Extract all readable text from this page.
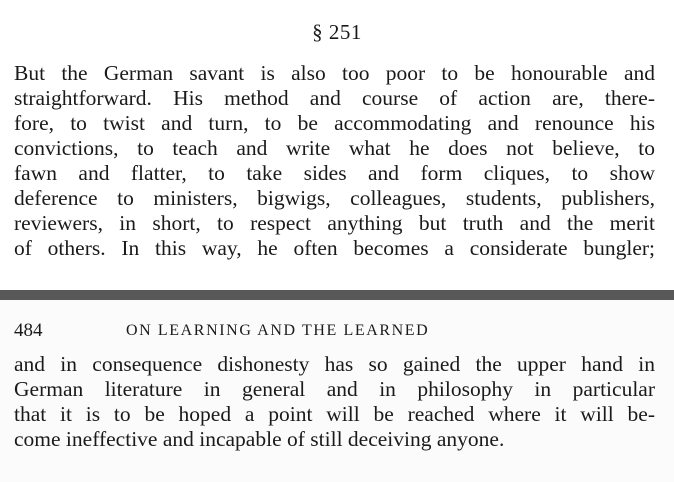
§ 251
But the German savant is also too poor to be honourable and
straightforward. His method and course of action are, there-
fore, to twist and turn, to be accommodating and renounce his
convictions, to teach and write what he does not believe, to
fawn and flatter, to take sides and form cliques, to show
deference to ministers, bigwigs, colleagues, students, publishers,
reviewers, in short, to respect anything but truth and the merit
of others. In this way, he often becomes a considerate bungler;
484	ON LEARNING AND THE LEARNED
and in consequence dishonesty has so gained the upper hand in
German literature in general and in philosophy in particular
that it is to be hoped a point will be reached where it will be-
come ineffective and incapable of still deceiving anyone.
